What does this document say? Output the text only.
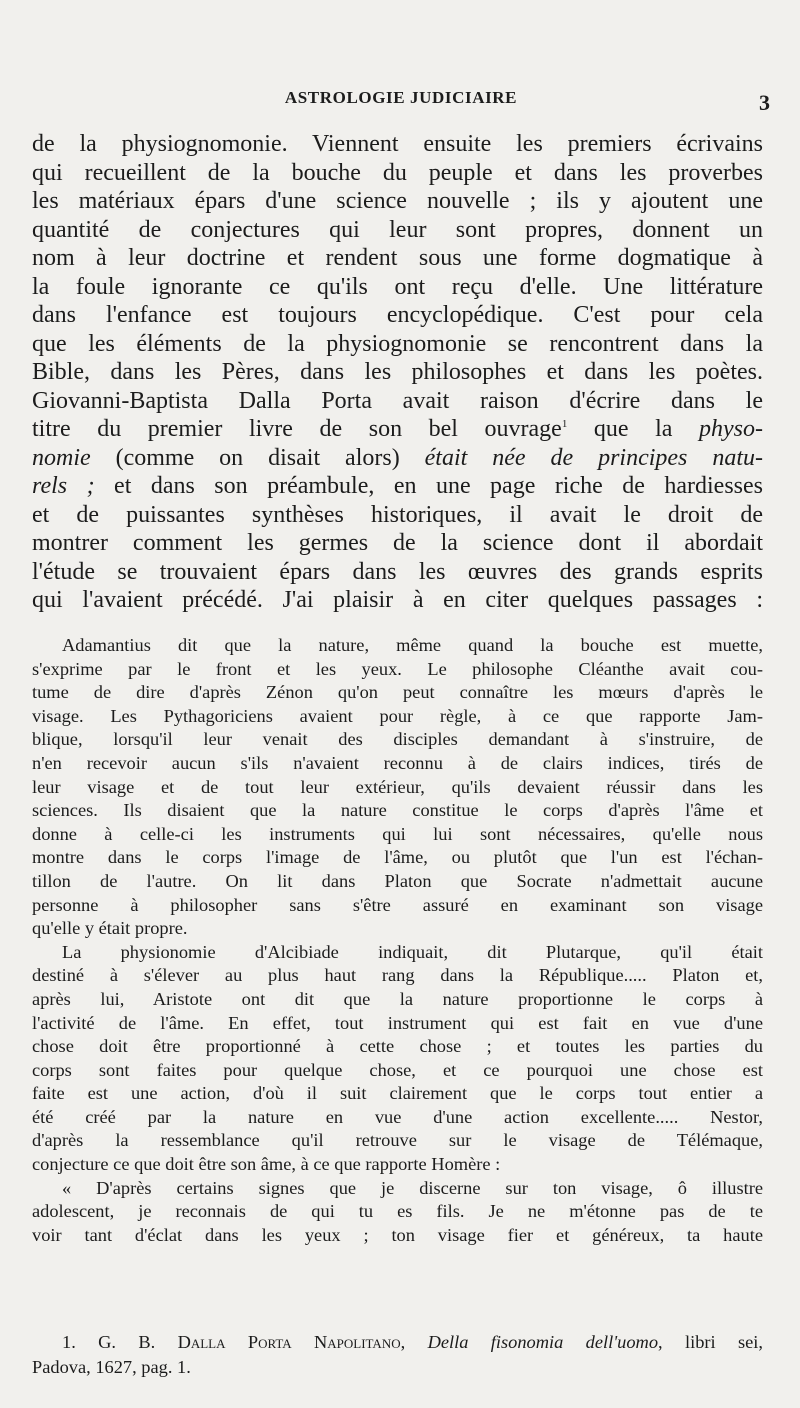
ASTROLOGIE JUDICIAIRE	3
de la physiognomonie. Viennent ensuite les premiers écrivains
qui recueillent de la bouche du peuple et dans les proverbes
les matériaux épars d'une science nouvelle ; ils y ajoutent une
quantité de conjectures qui leur sont propres, donnent un
nom à leur doctrine et rendent sous une forme dogmatique à
la foule ignorante ce qu'ils ont reçu d'elle. Une littérature
dans l'enfance est toujours encyclopédique. C'est pour cela
que les éléments de la physiognomonie se rencontrent dans la
Bible, dans les Pères, dans les philosophes et dans les poètes.
Giovanni-Baptista Dalla Porta avait raison d'écrire dans le
titre du premier livre de son bel ouvrage$^1$ que la physo-
nomie (comme on disait alors) était née de principes natu-
rels ; et dans son préambule, en une page riche de hardiesses
et de puissantes synthèses historiques, il avait le droit de
montrer comment les germes de la science dont il abordait
l'étude se trouvaient épars dans les œuvres des grands esprits
qui l'avaient précédé. J'ai plaisir à en citer quelques passages :
Adamantius dit que la nature, même quand la bouche est muette,
s'exprime par le front et les yeux. Le philosophe Cléanthe avait cou-
tume de dire d'après Zénon qu'on peut connaître les mœurs d'après le
visage. Les Pythagoriciens avaient pour règle, à ce que rapporte Jam-
blique, lorsqu'il leur venait des disciples demandant à s'instruire, de
n'en recevoir aucun s'ils n'avaient reconnu à de clairs indices, tirés de
leur visage et de tout leur extérieur, qu'ils devaient réussir dans les
sciences. Ils disaient que la nature constitue le corps d'après l'âme et
donne à celle-ci les instruments qui lui sont nécessaires, qu'elle nous
montre dans le corps l'image de l'âme, ou plutôt que l'un est l'échan-
tillon de l'autre. On lit dans Platon que Socrate n'admettait aucune
personne à philosopher sans s'être assuré en examinant son visage
qu'elle y était propre.
La physionomie d'Alcibiade indiquait, dit Plutarque, qu'il était
destiné à s'élever au plus haut rang dans la République..... Platon et,
après lui, Aristote ont dit que la nature proportionne le corps à
l'activité de l'âme. En effet, tout instrument qui est fait en vue d'une
chose doit être proportionné à cette chose ; et toutes les parties du
corps sont faites pour quelque chose, et ce pourquoi une chose est
faite est une action, d'où il suit clairement que le corps tout entier a
été créé par la nature en vue d'une action excellente..... Nestor,
d'après la ressemblance qu'il retrouve sur le visage de Télémaque,
conjecture ce que doit être son âme, à ce que rapporte Homère :
« D'après certains signes que je discerne sur ton visage, ô illustre
adolescent, je reconnais de qui tu es fils. Je ne m'étonne pas de te
voir tant d'éclat dans les yeux ; ton visage fier et généreux, ta haute
1. G. B. Dalla Porta Napolitano, Della fisonomia dell'uomo, libri sei,
Padova, 1627, pag. 1.
